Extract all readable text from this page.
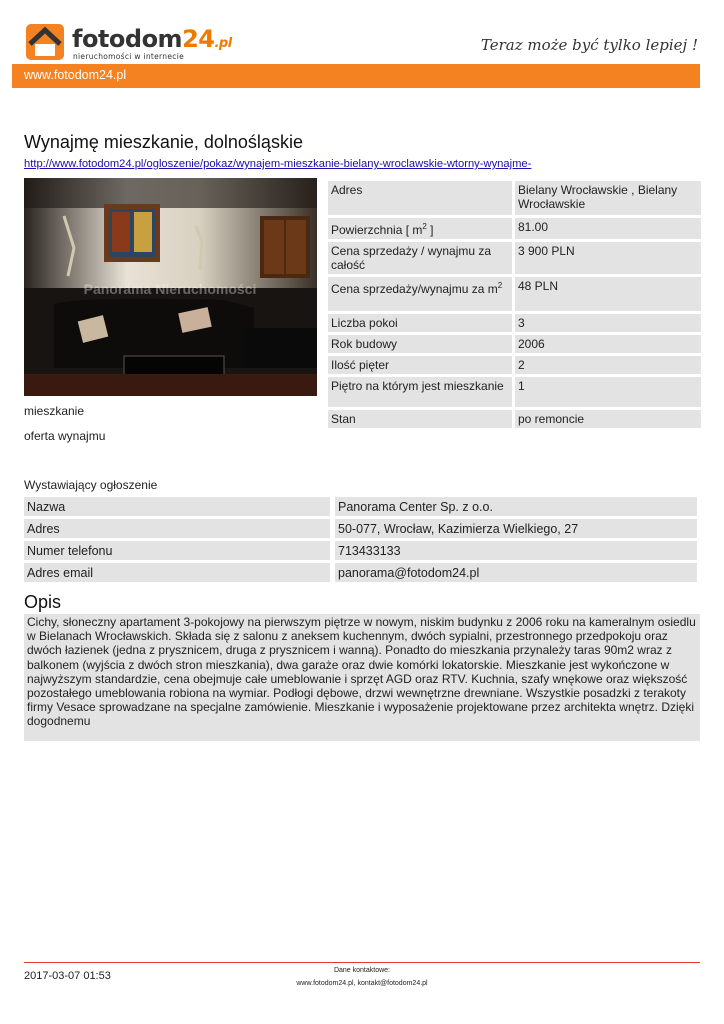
fotodom24.pl
nieruchomości w internecie
Teraz może być tylko lepiej !
www.fotodom24.pl
Wynajmę mieszkanie, dolnośląskie
http://www.fotodom24.pl/ogloszenie/pokaz/wynajem-mieszkanie-bielany-wroclawskie-wtorny-wynajme-
Panorama Nieruchomości
mieszkanie
oferta wynajmu
Adres	Bielany Wrocławskie , Bielany Wrocławskie
Powierzchnia [ $m^2$ ]	81.00
Cena sprzedaży / wynajmu za całość	3 900 PLN
Cena sprzedaży/wynajmu za $m^2$	48 PLN
Liczba pokoi	3
Rok budowy	2006
Ilość pięter	2
Piętro na którym jest mieszkanie	1
Stan	po remoncie
Wystawiający ogłoszenie
Nazwa	Panorama Center Sp. z o.o.
Adres	50-077, Wrocław, Kazimierza Wielkiego, 27
Numer telefonu	713433133
Adres email	panorama@fotodom24.pl
Opis
Cichy, słoneczny apartament 3-pokojowy na pierwszym piętrze w nowym, niskim budynku z 2006 roku na kameralnym osiedlu w Bielanach Wrocławskich. Składa się z salonu z aneksem kuchennym, dwóch sypialni, przestronnego przedpokoju oraz dwóch łazienek (jedna z prysznicem, druga z prysznicem i wanną). Ponadto do mieszkania przynależy taras 90m2 wraz z balkonem (wyjścia z dwóch stron mieszkania), dwa garaże oraz dwie komórki lokatorskie. Mieszkanie jest wykończone w najwyższym standardzie, cena obejmuje całe umeblowanie i sprzęt AGD oraz RTV. Kuchnia, szafy wnękowe oraz większość pozostałego umeblowania robiona na wymiar. Podłogi dębowe, drzwi wewnętrzne drewniane. Wszystkie posadzki z terakoty firmy Vesace sprowadzane na specjalne zamówienie. Mieszkanie i wyposażenie projektowane przez architekta wnętrz. Dzięki dogodnemu
2017-03-07 01:53	Dane kontaktowe:
www.fotodom24.pl, kontakt@fotodom24.pl
